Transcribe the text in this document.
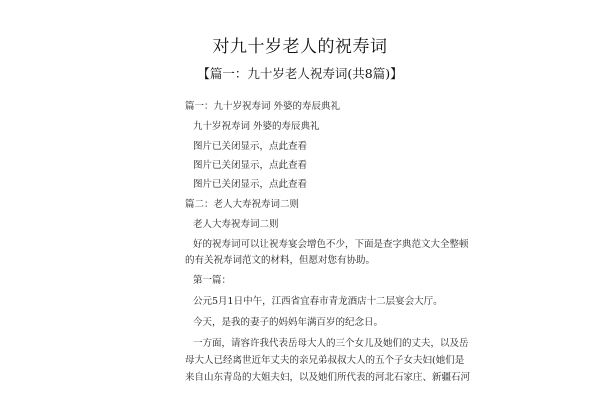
对九十岁老人的祝寿词
【篇一：九十岁老人祝寿词(共8篇)】
篇一：九十岁祝寿词 外婆的寿辰典礼
九十岁祝寿词 外婆的寿辰典礼
图片已关闭显示，点此查看
图片已关闭显示，点此查看
图片已关闭显示，点此查看
篇二：老人大寿祝寿词二则
老人大寿祝寿词二则
好的祝寿词可以让祝寿宴会增色不少，下面是查字典范文大全整顿
的有关祝寿词范文的材料，但愿对您有协助。
第一篇：
公元5月1日中午，江西省宜春市青龙酒店十二层宴会大厅。
今天，是我的妻子的妈妈年满百岁的纪念日。
一方面，请容许我代表岳母大人的三个女儿及她们的丈夫，以及岳
母大人已经离世近年丈夫的亲兄弟叔叔大人的五个子女夫妇(她们是
来自山东青岛的大姐夫妇，以及她们所代表的河北石家庄、新疆石河
